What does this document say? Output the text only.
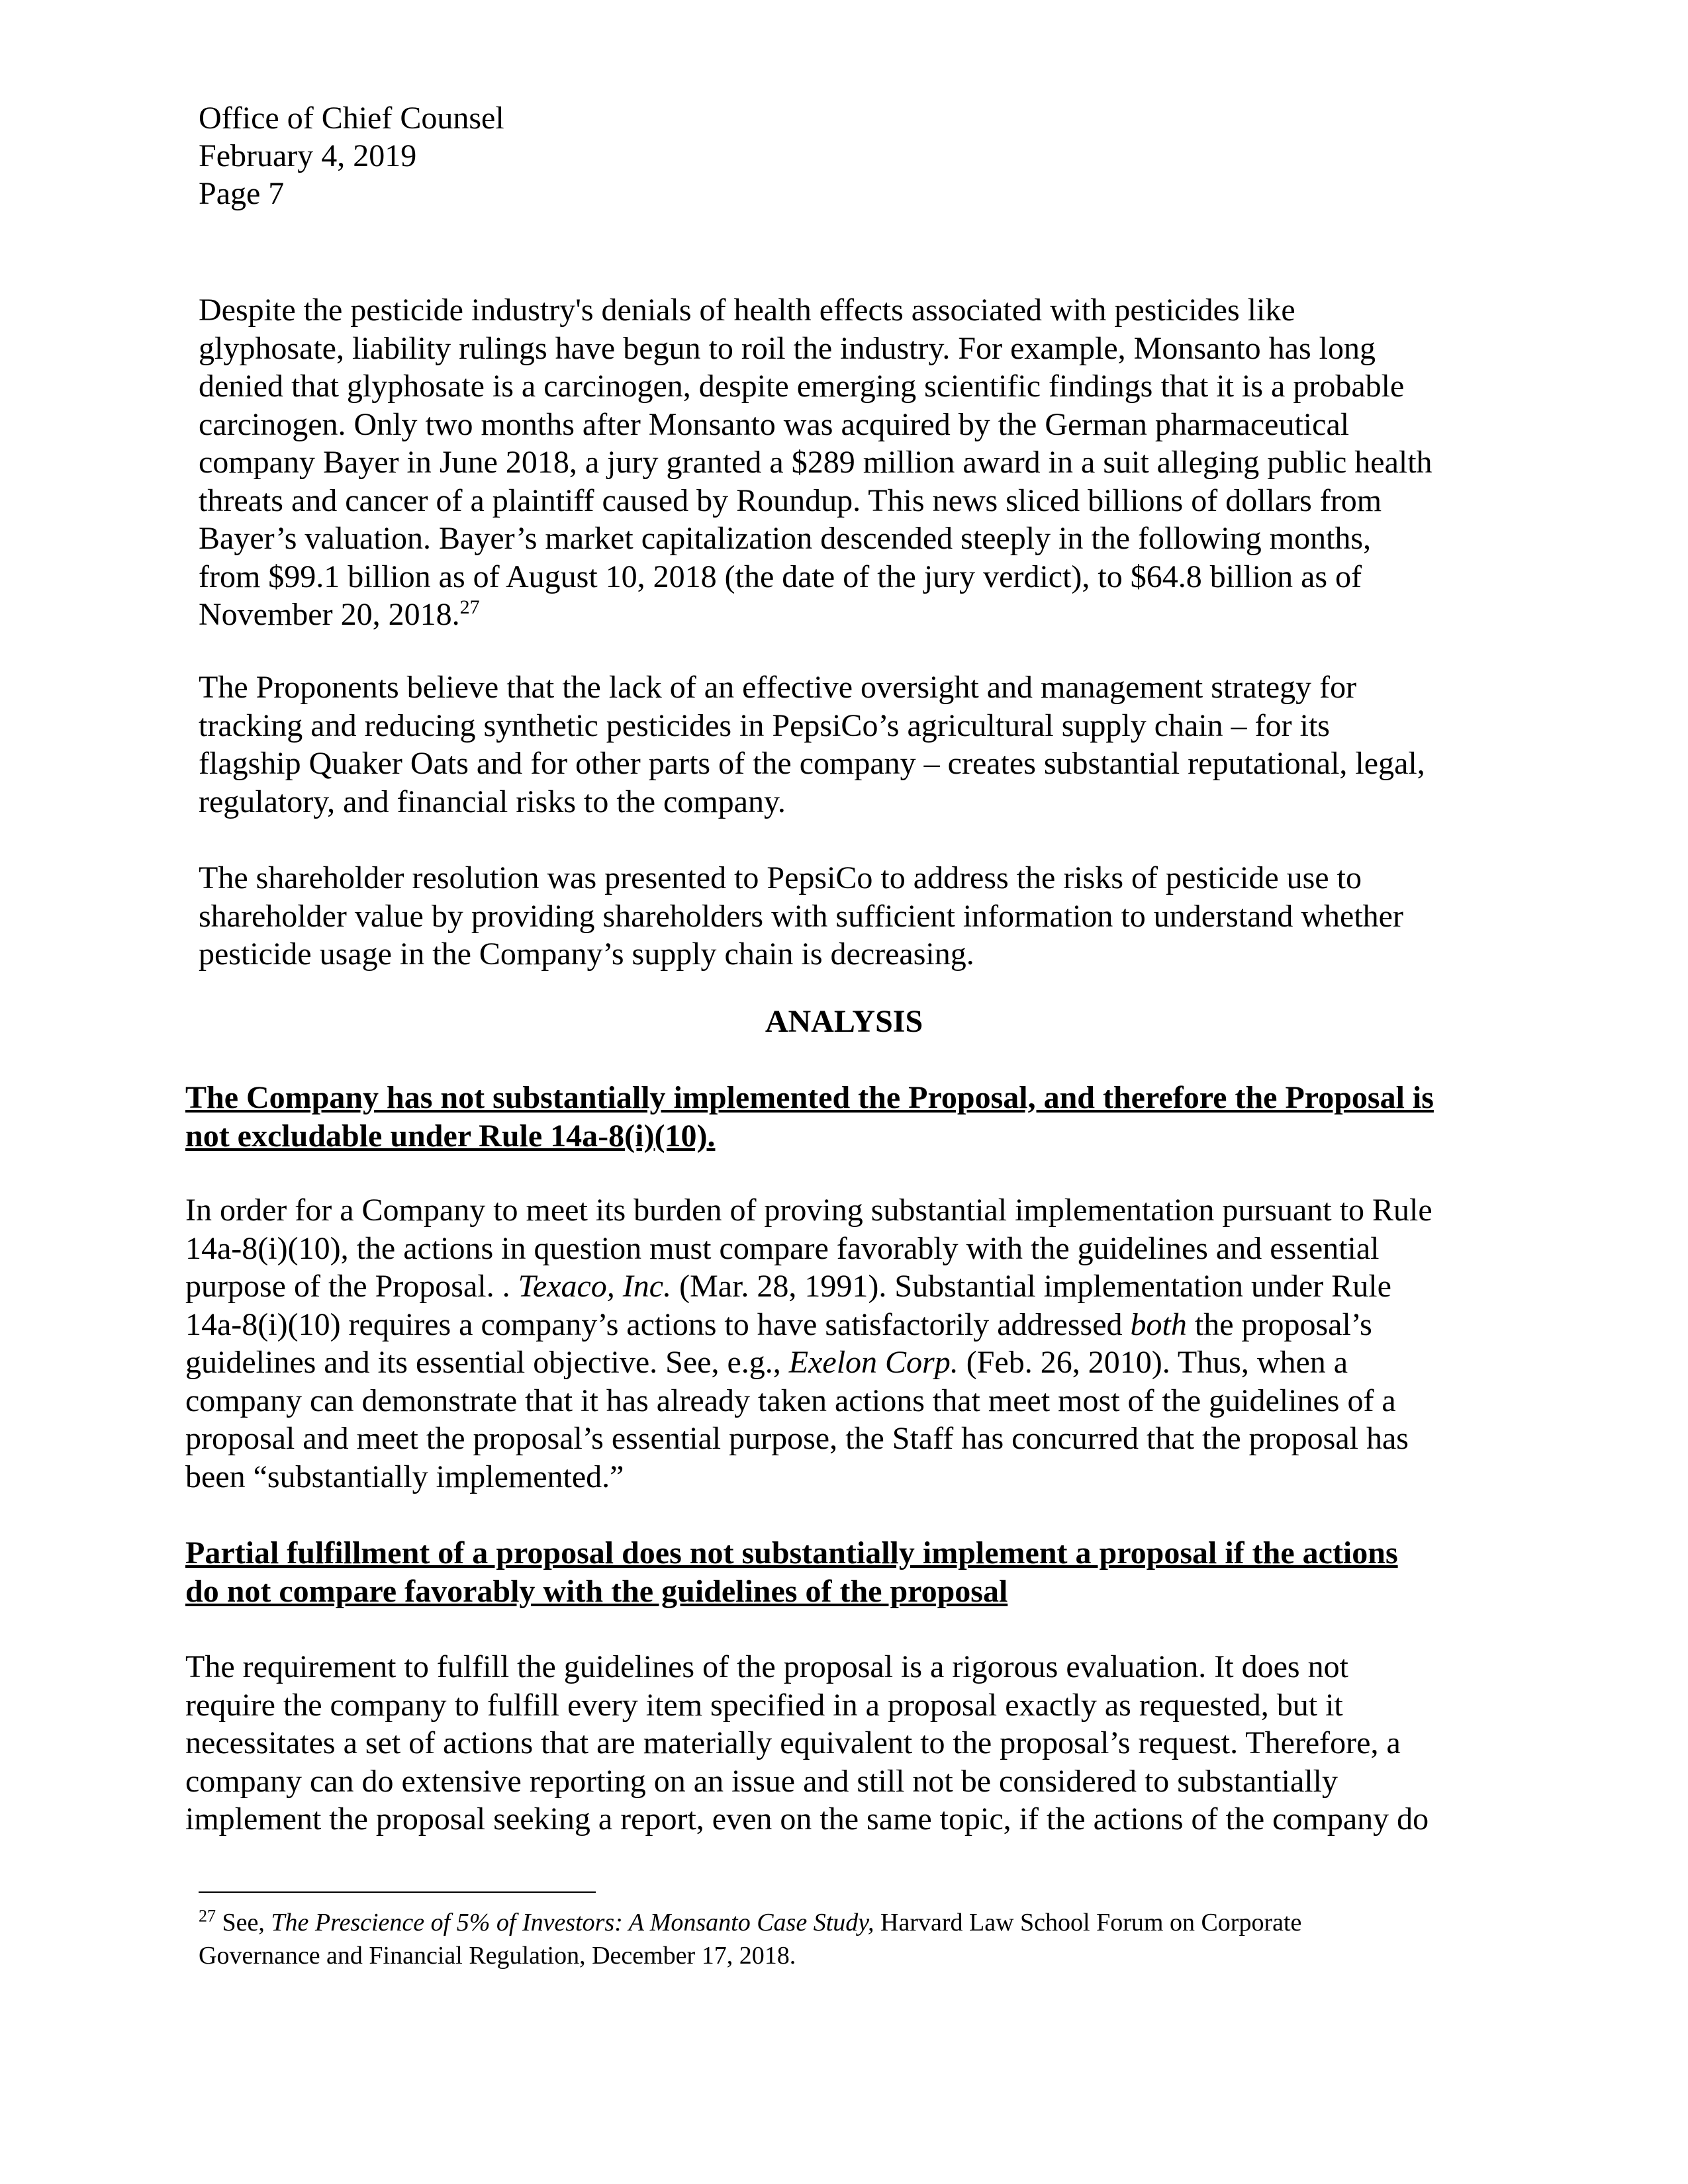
Office of Chief Counsel
February 4, 2019
Page 7
Despite the pesticide industry's denials of health effects associated with pesticides like
glyphosate, liability rulings have begun to roil the industry. For example, Monsanto has long
denied that glyphosate is a carcinogen, despite emerging scientific findings that it is a probable
carcinogen. Only two months after Monsanto was acquired by the German pharmaceutical
company Bayer in June 2018, a jury granted a $289 million award in a suit alleging public health
threats and cancer of a plaintiff caused by Roundup. This news sliced billions of dollars from
Bayer’s valuation. Bayer’s market capitalization descended steeply in the following months,
from $99.1 billion as of August 10, 2018 (the date of the jury verdict), to $64.8 billion as of
November 20, 2018.27
The Proponents believe that the lack of an effective oversight and management strategy for
tracking and reducing synthetic pesticides in PepsiCo’s agricultural supply chain – for its
flagship Quaker Oats and for other parts of the company – creates substantial reputational, legal,
regulatory, and financial risks to the company.
The shareholder resolution was presented to PepsiCo to address the risks of pesticide use to
shareholder value by providing shareholders with sufficient information to understand whether
pesticide usage in the Company’s supply chain is decreasing.
ANALYSIS
The Company has not substantially implemented the Proposal, and therefore the Proposal is
not excludable under Rule 14a-8(i)(10).
In order for a Company to meet its burden of proving substantial implementation pursuant to Rule
14a-8(i)(10), the actions in question must compare favorably with the guidelines and essential
purpose of the Proposal. . Texaco, Inc. (Mar. 28, 1991). Substantial implementation under Rule
14a-8(i)(10) requires a company’s actions to have satisfactorily addressed both the proposal’s
guidelines and its essential objective. See, e.g., Exelon Corp. (Feb. 26, 2010). Thus, when a
company can demonstrate that it has already taken actions that meet most of the guidelines of a
proposal and meet the proposal’s essential purpose, the Staff has concurred that the proposal has
been “substantially implemented.”
Partial fulfillment of a proposal does not substantially implement a proposal if the actions
do not compare favorably with the guidelines of the proposal
The requirement to fulfill the guidelines of the proposal is a rigorous evaluation. It does not
require the company to fulfill every item specified in a proposal exactly as requested, but it
necessitates a set of actions that are materially equivalent to the proposal’s request. Therefore, a
company can do extensive reporting on an issue and still not be considered to substantially
implement the proposal seeking a report, even on the same topic, if the actions of the company do
$^{27}$ See, The Prescience of 5% of Investors: A Monsanto Case Study, Harvard Law School Forum on Corporate
Governance and Financial Regulation, December 17, 2018.
